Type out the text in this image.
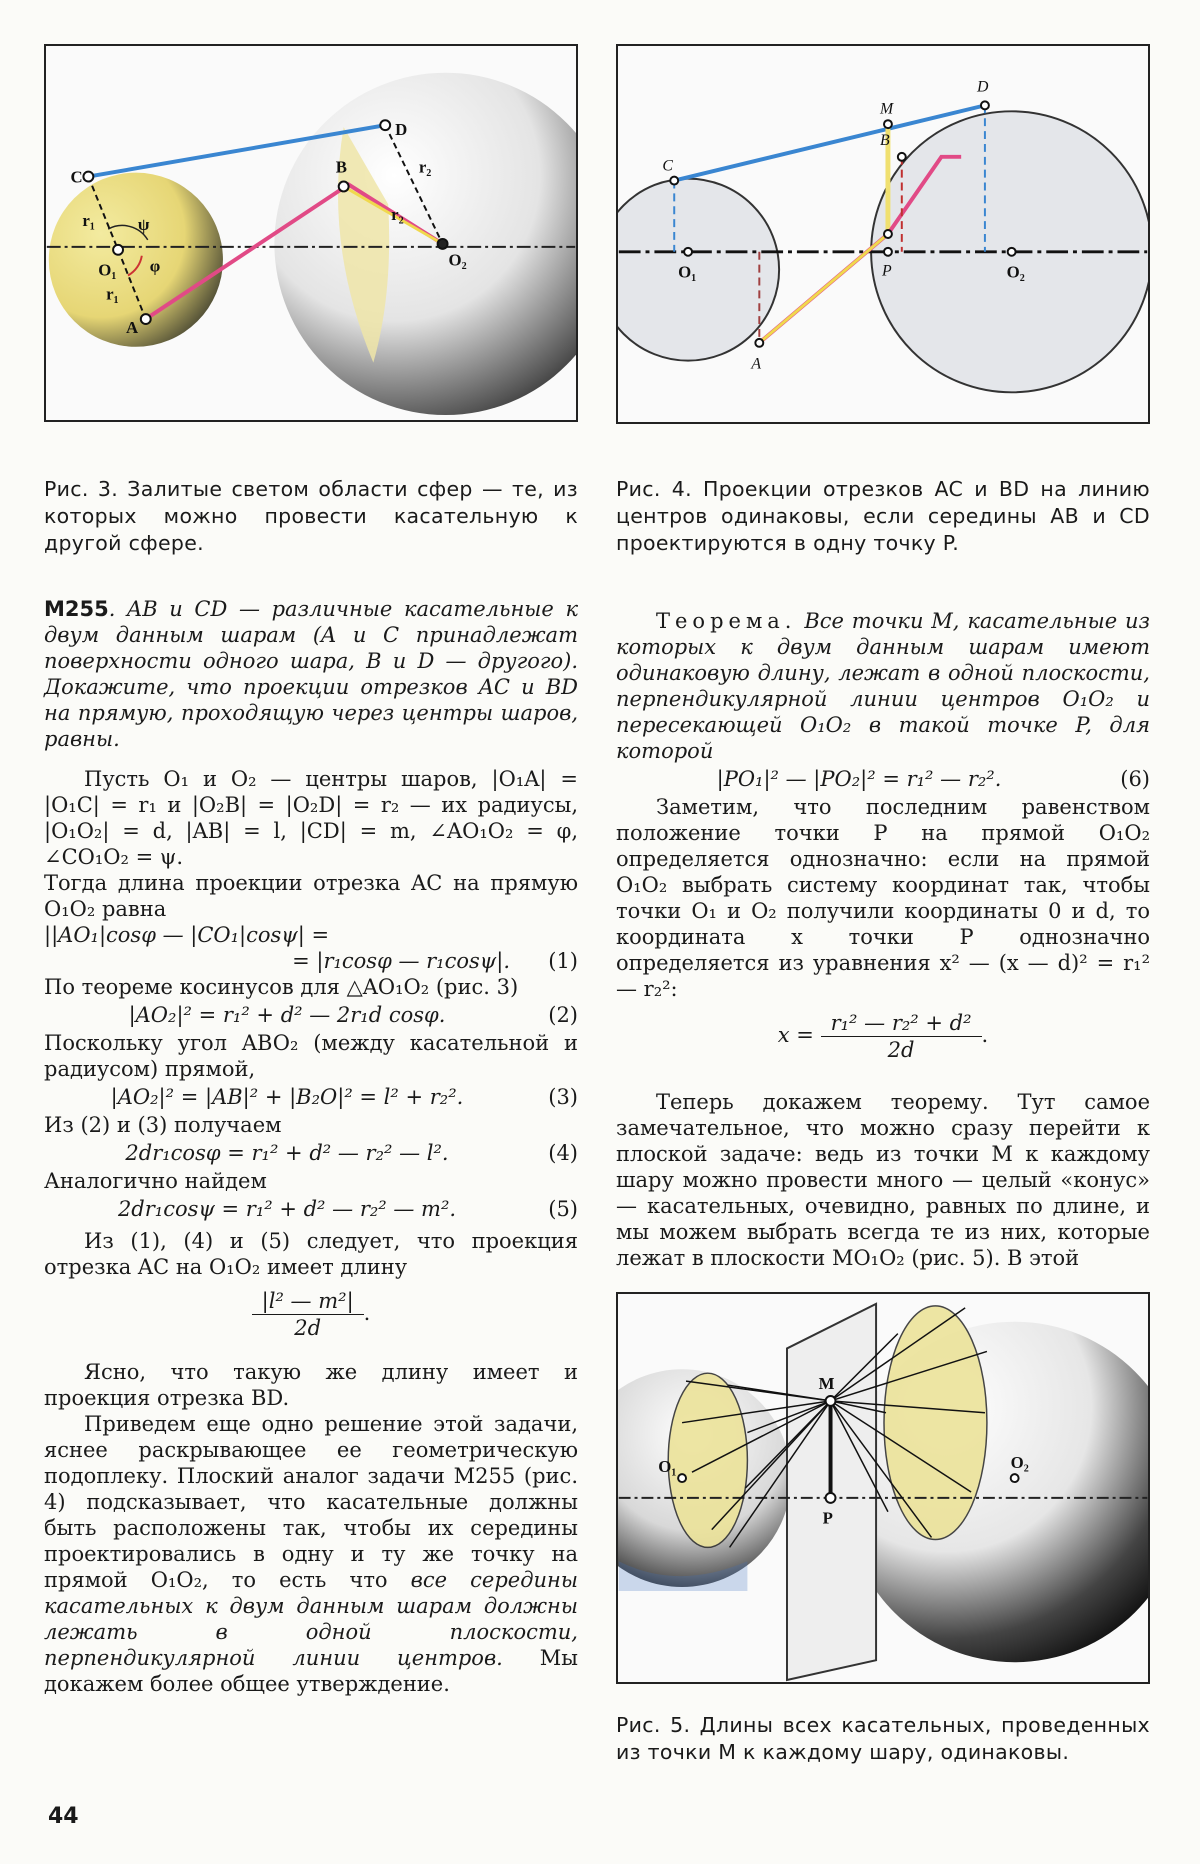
C
D
B
A
O₁
O₂
r₁
r₁
r₂
r₂
ψ
φ
C
M
D
B
O₁	P	O₂
A

Рис. 3. Залитые светом области сфер — те, из которых можно провести касательную к другой сфере.

Рис. 4. Проекции отрезков AC и BD на линию центров одинаковы, если середины AB и CD проектируются в одну точку P.

М255. AB и CD — различные касательные к двум данным шарам (A и C принадлежат поверхности одного шара, B и D — другого). Докажите, что проекции отрезков AC и BD на прямую, проходящую через центры шаров, равны.

Пусть O₁ и O₂ — центры шаров, |O₁A| = |O₁C| = r₁ и |O₂B| = |O₂D| = r₂ — их радиусы, |O₁O₂| = d, |AB| = l, |CD| = m, ∠AO₁O₂ = φ, ∠CO₁O₂ = ψ.

Тогда длина проекции отрезка AC на прямую O₁O₂ равна

||AO₁|cosφ — |CO₁|cosψ| =
= |r₁cosφ — r₁cosψ|.	(1)

По теореме косинусов для △AO₁O₂ (рис. 3)

|AO₂|² = r₁² + d² — 2r₁d cosφ.	(2)

Поскольку угол ABO₂ (между касательной и радиусом) прямой,

|AO₂|² = |AB|² + |B₂O|² = l² + r₂².	(3)

Из (2) и (3) получаем

2dr₁cosφ = r₁² + d² — r₂² — l².	(4)

Аналогично найдем

2dr₁cosψ = r₁² + d² — r₂² — m².	(5)

Из (1), (4) и (5) следует, что проекция отрезка AC на O₁O₂ имеет длину

$\frac{\text{|l² — m²|}}{2d}$ .

Ясно, что такую же длину имеет и проекция отрезка BD.

Приведем еще одно решение этой задачи, яснее раскрывающее ее геометрическую подоплеку. Плоский аналог задачи М255 (рис. 4) подсказывает, что касательные должны быть расположены так, чтобы их середины проектировались в одну и ту же точку на прямой O₁O₂, то есть что все середины касательных к двум данным шарам должны лежать в одной плоскости, перпендикулярной линии центров. Мы докажем более общее утверждение.

Теорема. Все точки M, касательные из которых к двум данным шарам имеют одинаковую длину, лежат в одной плоскости, перпендикулярной линии центров O₁O₂ и пересекающей O₁O₂ в такой точке P, для которой

|PO₁|² — |PO₂|² = r₁² — r₂².	(6)

Заметим, что последним равенством положение точки P на прямой O₁O₂ определяется однозначно: если на прямой O₁O₂ выбрать систему координат так, чтобы точки O₁ и O₂ получили координаты 0 и d, то координата x точки P однозначно определяется из уравнения x² — (x — d)² = r₁² — r₂²:

$x = \frac{\text{r₁² — r₂² + d²}}{2d}$ .

Теперь докажем теорему. Тут самое замечательное, что можно сразу перейти к плоской задаче: ведь из точки M к каждому шару можно провести много — целый «конус» — касательных, очевидно, равных по длине, и мы можем выбрать всегда те из них, которые лежат в плоскости MO₁O₂ (рис. 5). В этой

M
O₁	O₂
P

Рис. 5. Длины всех касательных, проведенных из точки M к каждому шару, одинаковы.

44
